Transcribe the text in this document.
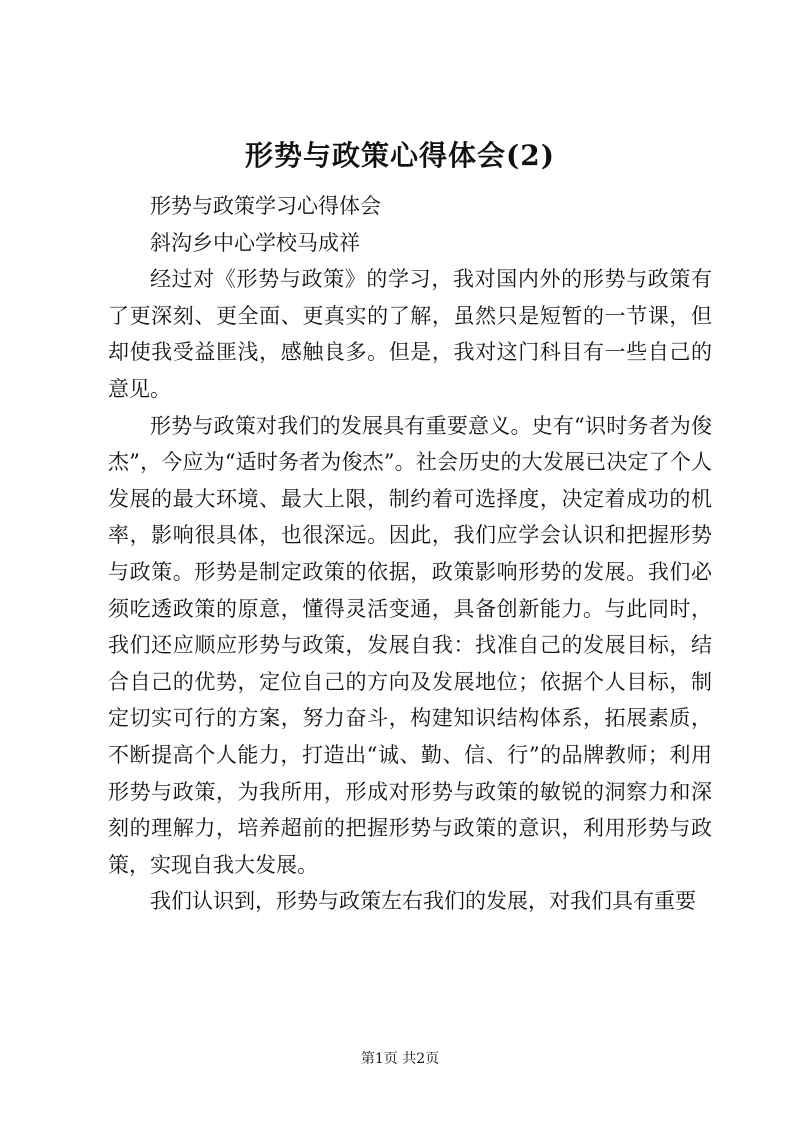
形势与政策心得体会(2)

形势与政策学习心得体会

斜沟乡中心学校马成祥

经过对《形势与政策》的学习，我对国内外的形势与政策有了更深刻、更全面、更真实的了解，虽然只是短暂的一节课，但却使我受益匪浅，感触良多。但是，我对这门科目有一些自己的意见。

形势与政策对我们的发展具有重要意义。史有“识时务者为俊杰”，今应为“适时务者为俊杰”。社会历史的大发展已决定了个人发展的最大环境、最大上限，制约着可选择度，决定着成功的机率，影响很具体，也很深远。因此，我们应学会认识和把握形势与政策。形势是制定政策的依据，政策影响形势的发展。我们必须吃透政策的原意，懂得灵活变通，具备创新能力。与此同时，我们还应顺应形势与政策，发展自我：找准自己的发展目标，结合自己的优势，定位自己的方向及发展地位；依据个人目标，制定切实可行的方案，努力奋斗，构建知识结构体系，拓展素质，不断提高个人能力，打造出“诚、勤、信、行”的品牌教师；利用形势与政策，为我所用，形成对形势与政策的敏锐的洞察力和深刻的理解力，培养超前的把握形势与政策的意识，利用形势与政策，实现自我大发展。

我们认识到，形势与政策左右我们的发展，对我们具有重要

第1页 共2页
